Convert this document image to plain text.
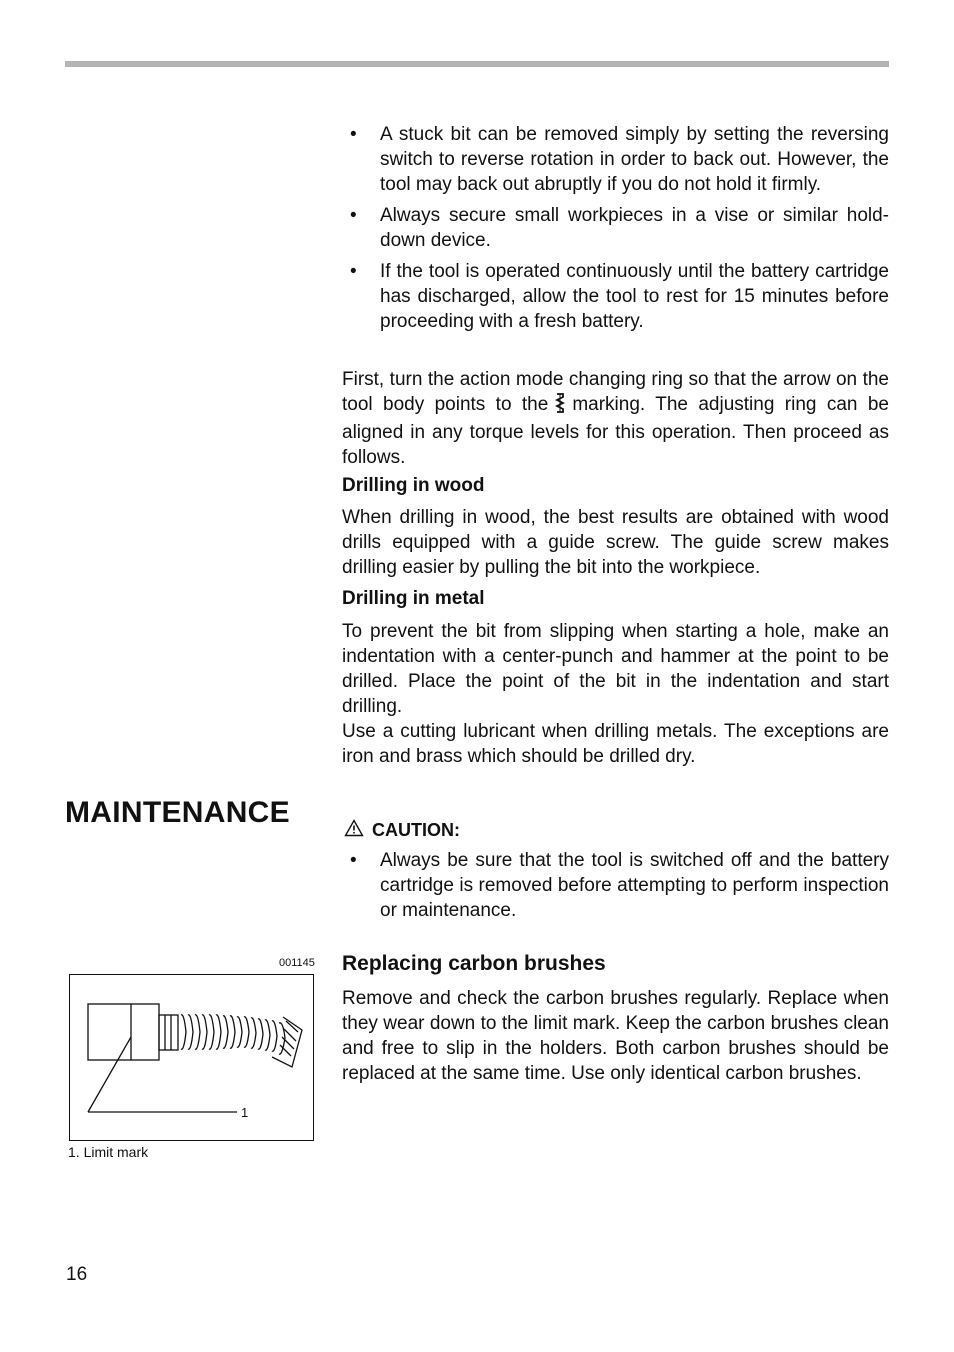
• A stuck bit can be removed simply by setting the reversing switch to reverse rotation in order to back out. However, the tool may back out abruptly if you do not hold it firmly.
• Always secure small workpieces in a vise or similar hold-down device.
• If the tool is operated continuously until the battery cartridge has discharged, allow the tool to rest for 15 minutes before proceeding with a fresh battery.

First, turn the action mode changing ring so that the arrow on the tool body points to the marking. The adjusting ring can be aligned in any torque levels for this operation. Then proceed as follows.

Drilling in wood

When drilling in wood, the best results are obtained with wood drills equipped with a guide screw. The guide screw makes drilling easier by pulling the bit into the workpiece.

Drilling in metal

To prevent the bit from slipping when starting a hole, make an indentation with a center-punch and hammer at the point to be drilled. Place the point of the bit in the indentation and start drilling.

Use a cutting lubricant when drilling metals. The exceptions are iron and brass which should be drilled dry.

MAINTENANCE
CAUTION:
• Always be sure that the tool is switched off and the battery cartridge is removed before attempting to perform inspection or maintenance.
001145
1
1. Limit mark
Replacing carbon brushes

Remove and check the carbon brushes regularly. Replace when they wear down to the limit mark. Keep the carbon brushes clean and free to slip in the holders. Both carbon brushes should be replaced at the same time. Use only identical carbon brushes.

16
